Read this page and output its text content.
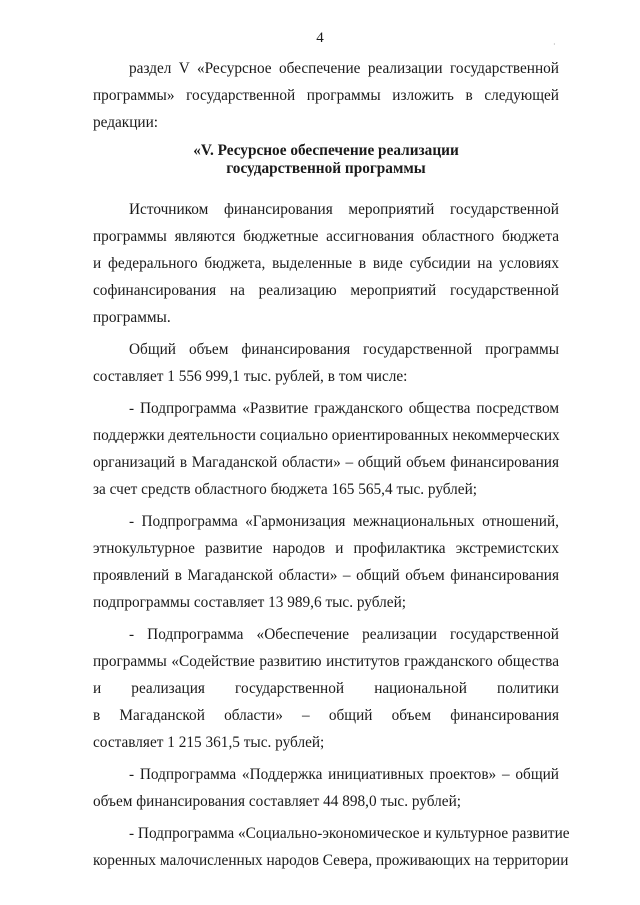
4	·
раздел V «Ресурсное обеспечение реализации государственной
программы» государственной программы изложить в следующей
редакции:
«V. Ресурсное обеспечение реализации
государственной программы
Источником финансирования мероприятий государственной
программы являются бюджетные ассигнования областного бюджета
и федерального бюджета, выделенные в виде субсидии на условиях
софинансирования на реализацию мероприятий государственной
программы.
Общий объем финансирования государственной программы
составляет 1 556 999,1 тыс. рублей, в том числе:
- Подпрограмма «Развитие гражданского общества посредством
поддержки деятельности социально ориентированных некоммерческих
организаций в Магаданской области» – общий объем финансирования
за счет средств областного бюджета 165 565,4 тыс. рублей;
- Подпрограмма «Гармонизация межнациональных отношений,
этнокультурное развитие народов и профилактика экстремистских
проявлений в Магаданской области» – общий объем финансирования
подпрограммы составляет 13 989,6 тыс. рублей;
- Подпрограмма «Обеспечение реализации государственной
программы «Содействие развитию институтов гражданского общества
и реализация государственной национальной политики
в Магаданской области» – общий объем финансирования
составляет 1 215 361,5 тыс. рублей;
- Подпрограмма «Поддержка инициативных проектов» – общий
объем финансирования составляет 44 898,0 тыс. рублей;
- Подпрограмма «Социально-экономическое и культурное развитие
коренных малочисленных народов Севера, проживающих на территории
